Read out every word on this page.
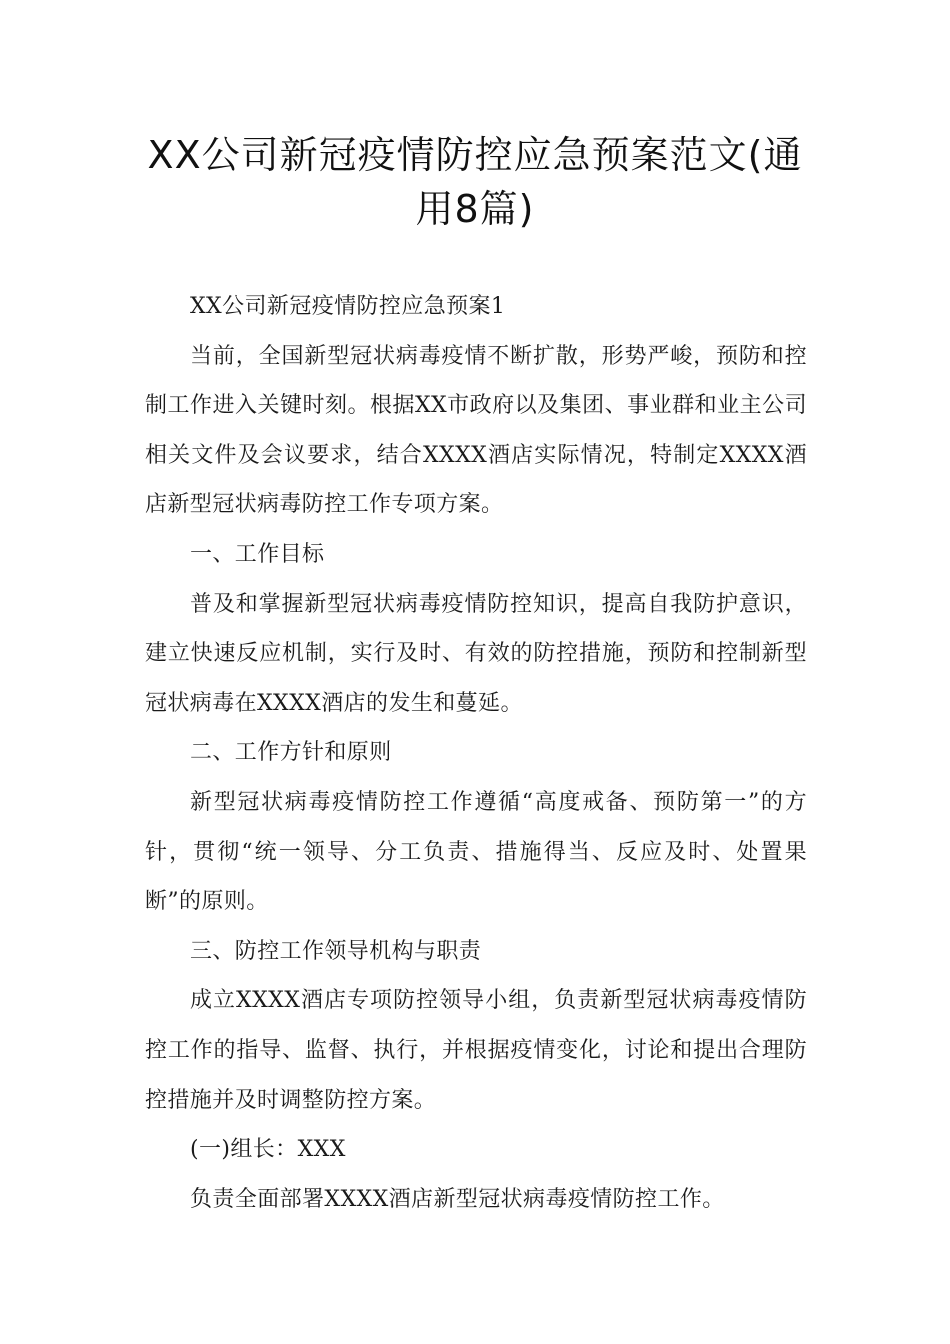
XX公司新冠疫情防控应急预案范文(通用8篇)

XX公司新冠疫情防控应急预案1

当前，全国新型冠状病毒疫情不断扩散，形势严峻，预防和控制工作进入关键时刻。根据XX市政府以及集团、事业群和业主公司相关文件及会议要求，结合XXXX酒店实际情况，特制定XXXX酒店新型冠状病毒防控工作专项方案。

一、工作目标

普及和掌握新型冠状病毒疫情防控知识，提高自我防护意识，建立快速反应机制，实行及时、有效的防控措施，预防和控制新型冠状病毒在XXXX酒店的发生和蔓延。

二、工作方针和原则

新型冠状病毒疫情防控工作遵循“高度戒备、预防第一”的方针，贯彻“统一领导、分工负责、措施得当、反应及时、处置果断”的原则。

三、防控工作领导机构与职责

成立XXXX酒店专项防控领导小组，负责新型冠状病毒疫情防控工作的指导、监督、执行，并根据疫情变化，讨论和提出合理防控措施并及时调整防控方案。

(一)组长：XXX

负责全面部署XXXX酒店新型冠状病毒疫情防控工作。
